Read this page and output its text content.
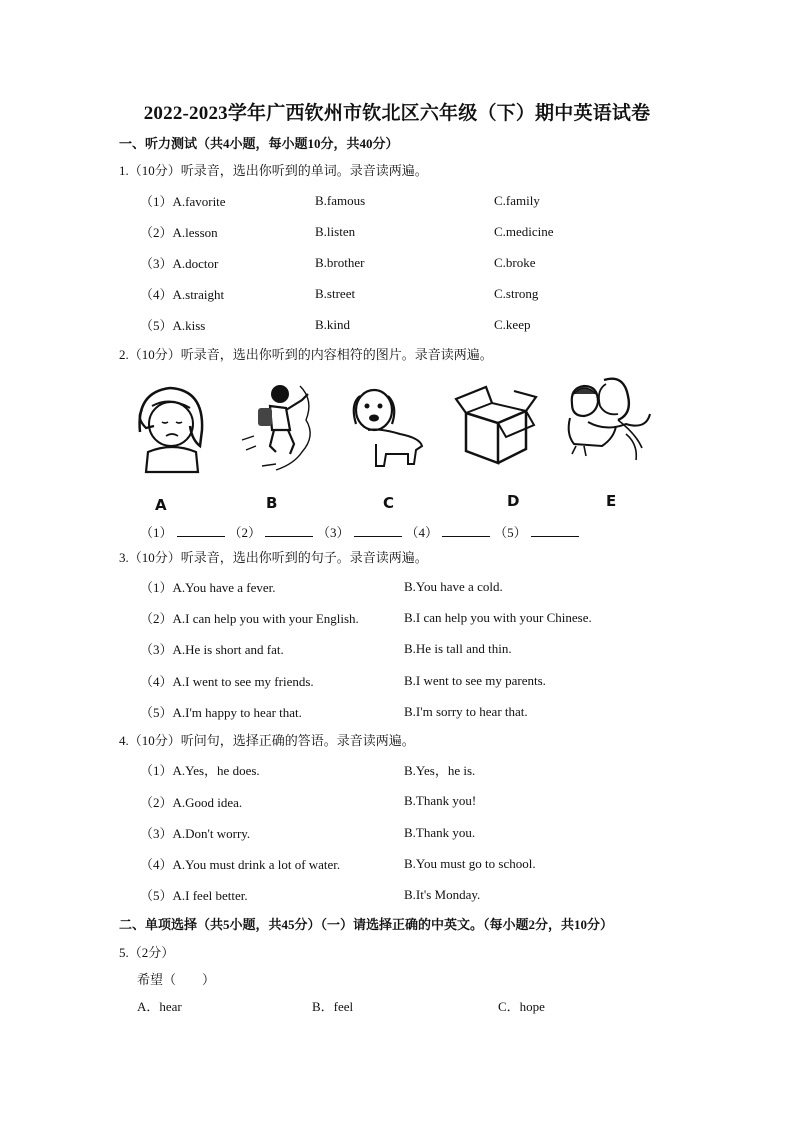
2022-2023学年广西钦州市钦北区六年级（下）期中英语试卷
一、听力测试（共4小题，每小题10分，共40分）
1.（10分）听录音，选出你听到的单词。录音读两遍。
（1）A.favorite	B.famous	C.family
（2）A.lesson	B.listen	C.medicine
（3）A.doctor	B.brother	C.broke
（4）A.straight	B.street	C.strong
（5）A.kiss	B.kind	C.keep
2.（10分）听录音，选出你听到的内容相符的图片。录音读两遍。
A	B	C	D	E
（1）	（2）	（3）	（4）	（5）
3.（10分）听录音，选出你听到的句子。录音读两遍。
（1）A.You have a fever.	B.You have a cold.
（2）A.I can help you with your English.	B.I can help you with your Chinese.
（3）A.He is short and fat.	B.He is tall and thin.
（4）A.I went to see my friends.	B.I went to see my parents.
（5）A.I'm happy to hear that.	B.I'm sorry to hear that.
4.（10分）听问句，选择正确的答语。录音读两遍。
（1）A.Yes，he does.	B.Yes，he is.
（2）A.Good idea.	B.Thank you!
（3）A.Don't worry.	B.Thank you.
（4）A.You must drink a lot of water.	B.You must go to school.
（5）A.I feel better.	B.It's Monday.
二、单项选择（共5小题，共45分）（一）请选择正确的中英文。（每小题2分，共10分）
5.（2分）
希望（　　）
A．hear	B．feel	C．hope
